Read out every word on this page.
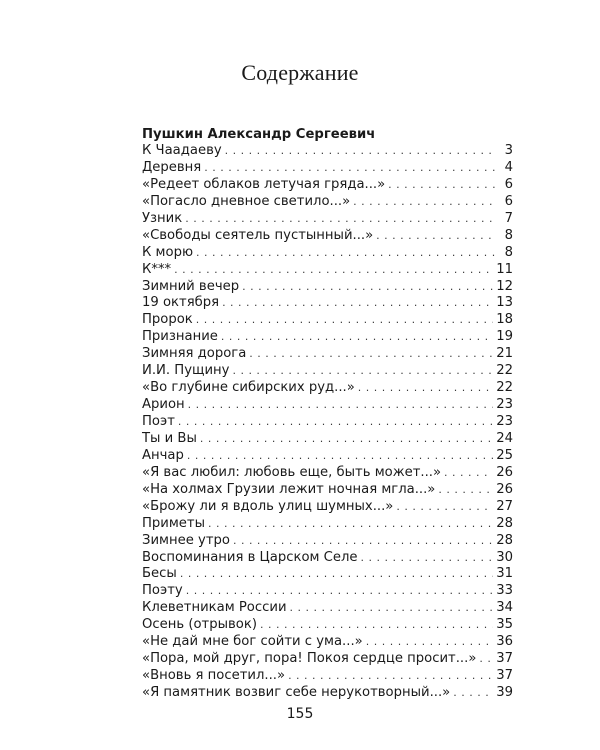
Содержание
Пушкин Александр Сергеевич
К Чаадаеву . . .	3
Деревня . . .	4
«Редеет облаков летучая гряда...» . . .	6
«Погасло дневное светило...» . . .	6
Узник . . .	7
«Свободы сеятель пустынный...» . . .	8
К морю . . .	8
К*** . . .	11
Зимний вечер . . .	12
19 октября . . .	13
Пророк . . .	18
Признание . . .	19
Зимняя дорога . . .	21
И.И. Пущину . . .	22
«Во глубине сибирских руд...» . . .	22
Арион . . .	23
Поэт . . .	23
Ты и Вы . . .	24
Анчар . . .	25
«Я вас любил: любовь еще, быть может...» . . .	26
«На холмах Грузии лежит ночная мгла...» . . .	26
«Брожу ли я вдоль улиц шумных...» . . .	27
Приметы . . .	28
Зимнее утро . . .	28
Воспоминания в Царском Селе . . .	30
Бесы . . .	31
Поэту . . .	33
Клеветникам России . . .	34
Осень (отрывок) . . .	35
«Не дай мне бог сойти с ума...» . . .	36
«Пора, мой друг, пора! Покоя сердце просит...» . . . 37
«Вновь я посетил...» . . .	37
«Я памятник возвиг себе нерукотворный...» . . .	39
155
